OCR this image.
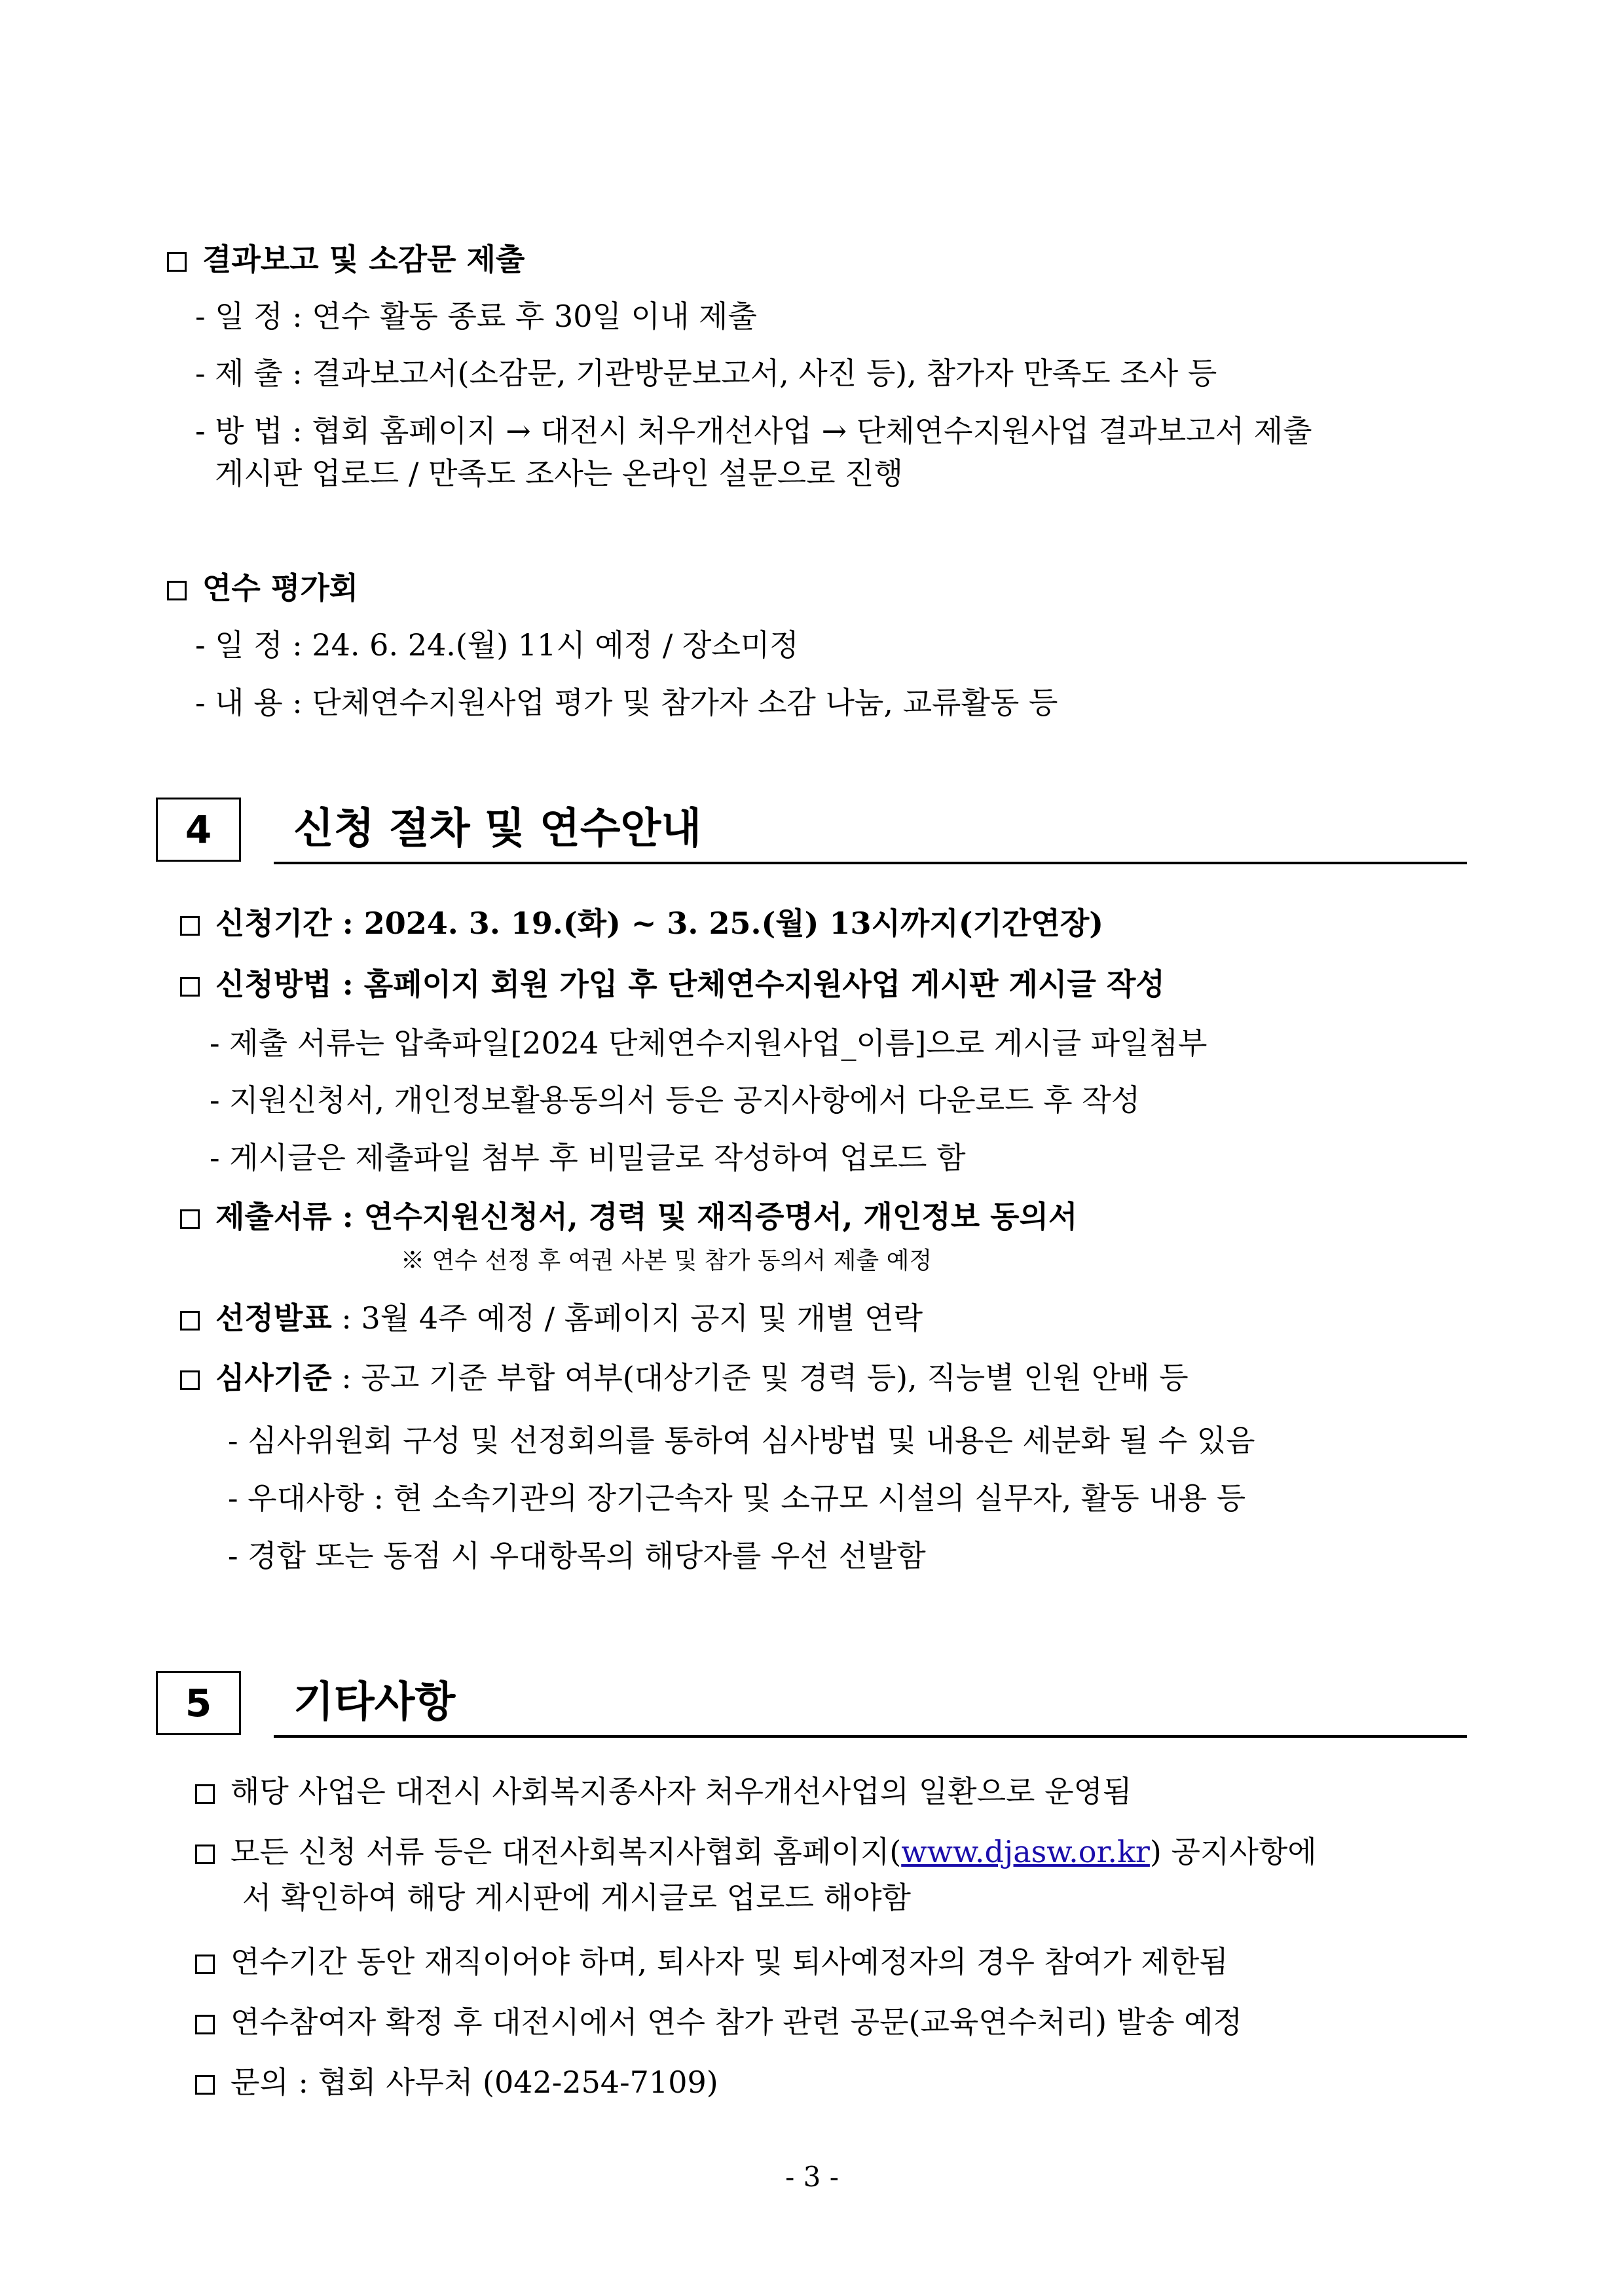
결과보고 및 소감문 제출
- 일 정 : 연수 활동 종료 후 30일 이내 제출
- 제 출 : 결과보고서(소감문, 기관방문보고서, 사진 등), 참가자 만족도 조사 등
- 방 법 : 협회 홈페이지 → 대전시 처우개선사업 → 단체연수지원사업 결과보고서 제출
게시판 업로드 / 만족도 조사는 온라인 설문으로 진행
연수 평가회
- 일 정 : 24. 6. 24.(월) 11시 예정 / 장소미정
- 내 용 : 단체연수지원사업 평가 및 참가자 소감 나눔, 교류활동 등
4	신청 절차 및 연수안내
신청기간 : 2024. 3. 19.(화) ~ 3. 25.(월) 13시까지(기간연장)
신청방법 : 홈페이지 회원 가입 후 단체연수지원사업 게시판 게시글 작성
- 제출 서류는 압축파일[2024 단체연수지원사업_이름]으로 게시글 파일첨부
- 지원신청서, 개인정보활용동의서 등은 공지사항에서 다운로드 후 작성
- 게시글은 제출파일 첨부 후 비밀글로 작성하여 업로드 함
제출서류 : 연수지원신청서, 경력 및 재직증명서, 개인정보 동의서
※ 연수 선정 후 여권 사본 및 참가 동의서 제출 예정
선정발표 : 3월 4주 예정 / 홈페이지 공지 및 개별 연락
심사기준 : 공고 기준 부합 여부(대상기준 및 경력 등), 직능별 인원 안배 등
- 심사위원회 구성 및 선정회의를 통하여 심사방법 및 내용은 세분화 될 수 있음
- 우대사항 : 현 소속기관의 장기근속자 및 소규모 시설의 실무자, 활동 내용 등
- 경합 또는 동점 시 우대항목의 해당자를 우선 선발함
5	기타사항
해당 사업은 대전시 사회복지종사자 처우개선사업의 일환으로 운영됨
모든 신청 서류 등은 대전사회복지사협회 홈페이지(www.djasw.or.kr) 공지사항에
서 확인하여 해당 게시판에 게시글로 업로드 해야함
연수기간 동안 재직이어야 하며, 퇴사자 및 퇴사예정자의 경우 참여가 제한됨
연수참여자 확정 후 대전시에서 연수 참가 관련 공문(교육연수처리) 발송 예정
문의 : 협회 사무처 (042-254-7109)
- 3 -
